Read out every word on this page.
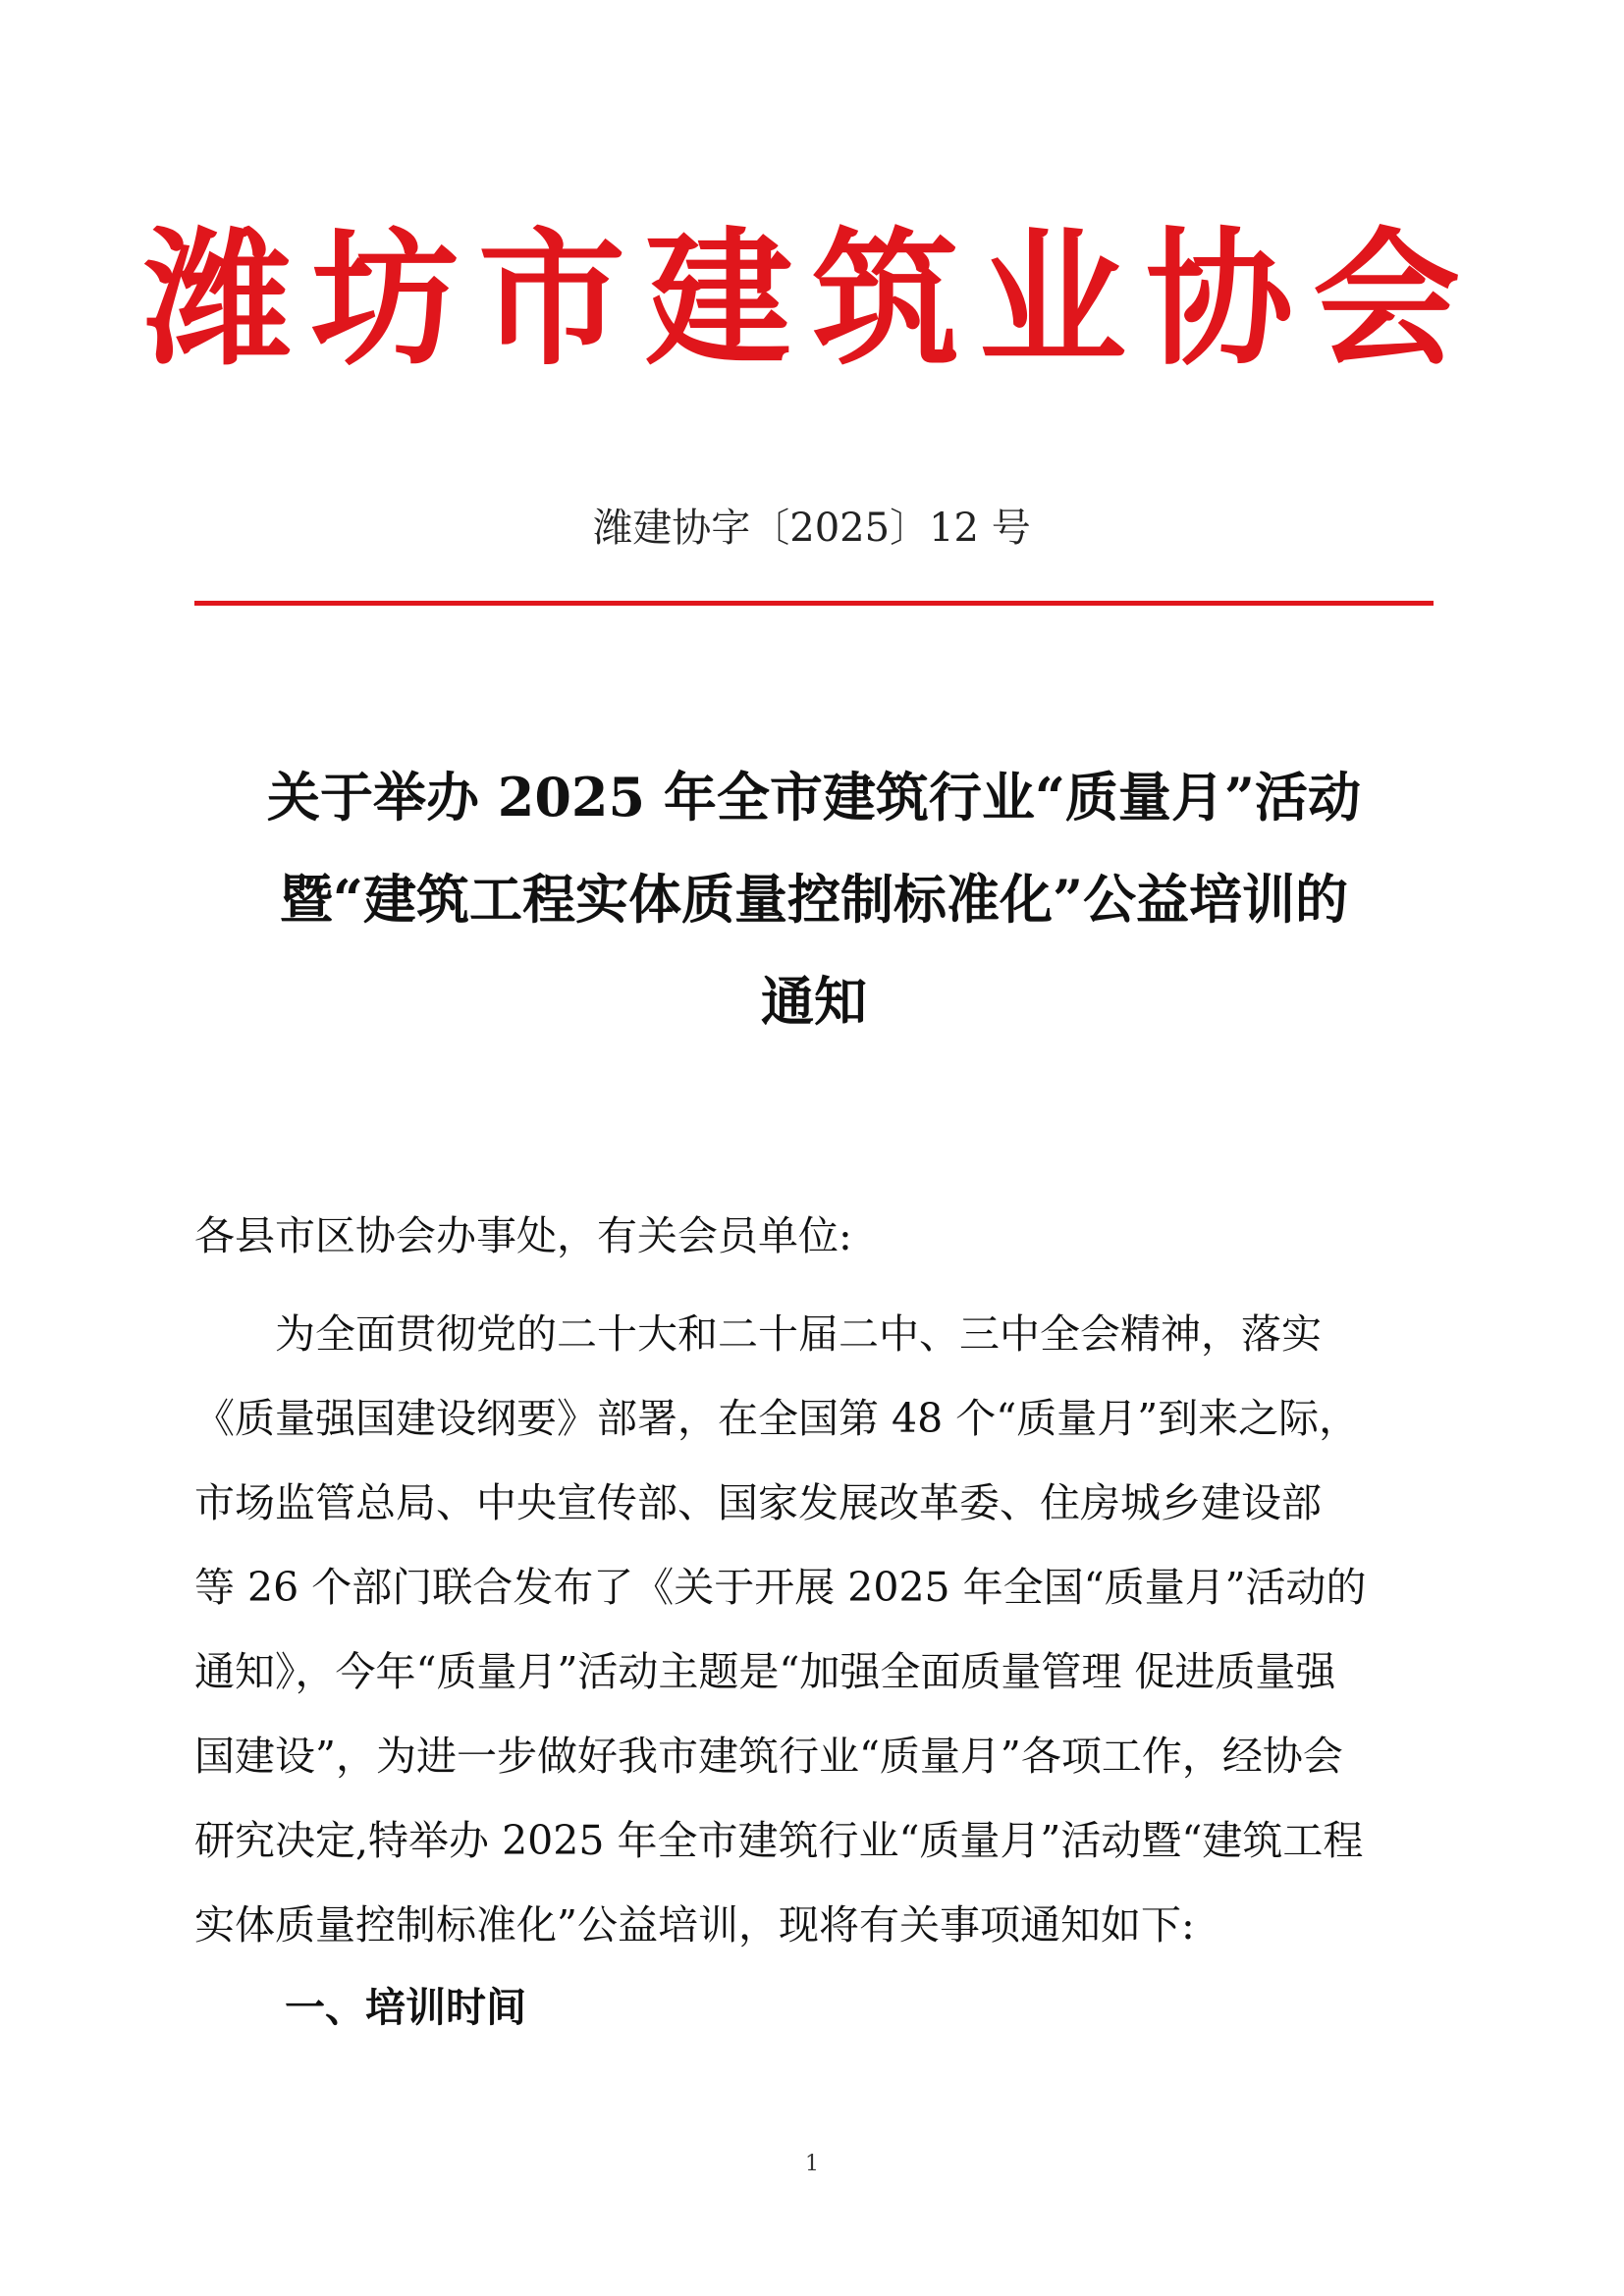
潍坊市建筑业协会
潍建协字〔2025〕12 号
关于举办 2025 年全市建筑行业“质量月”活动
暨“建筑工程实体质量控制标准化”公益培训的
通知
各县市区协会办事处，有关会员单位:
　　为全面贯彻党的二十大和二十届二中、三中全会精神，落实
《质量强国建设纲要》部署，在全国第 48 个“质量月”到来之际，
市场监管总局、中央宣传部、国家发展改革委、住房城乡建设部
等 26 个部门联合发布了《关于开展 2025 年全国“质量月”活动的
通知》，今年“质量月”活动主题是“加强全面质量管理 促进质量强
国建设”，为进一步做好我市建筑行业“质量月”各项工作，经协会
研究决定,特举办 2025 年全市建筑行业“质量月”活动暨“建筑工程
实体质量控制标准化”公益培训，现将有关事项通知如下:
一、培训时间
1
